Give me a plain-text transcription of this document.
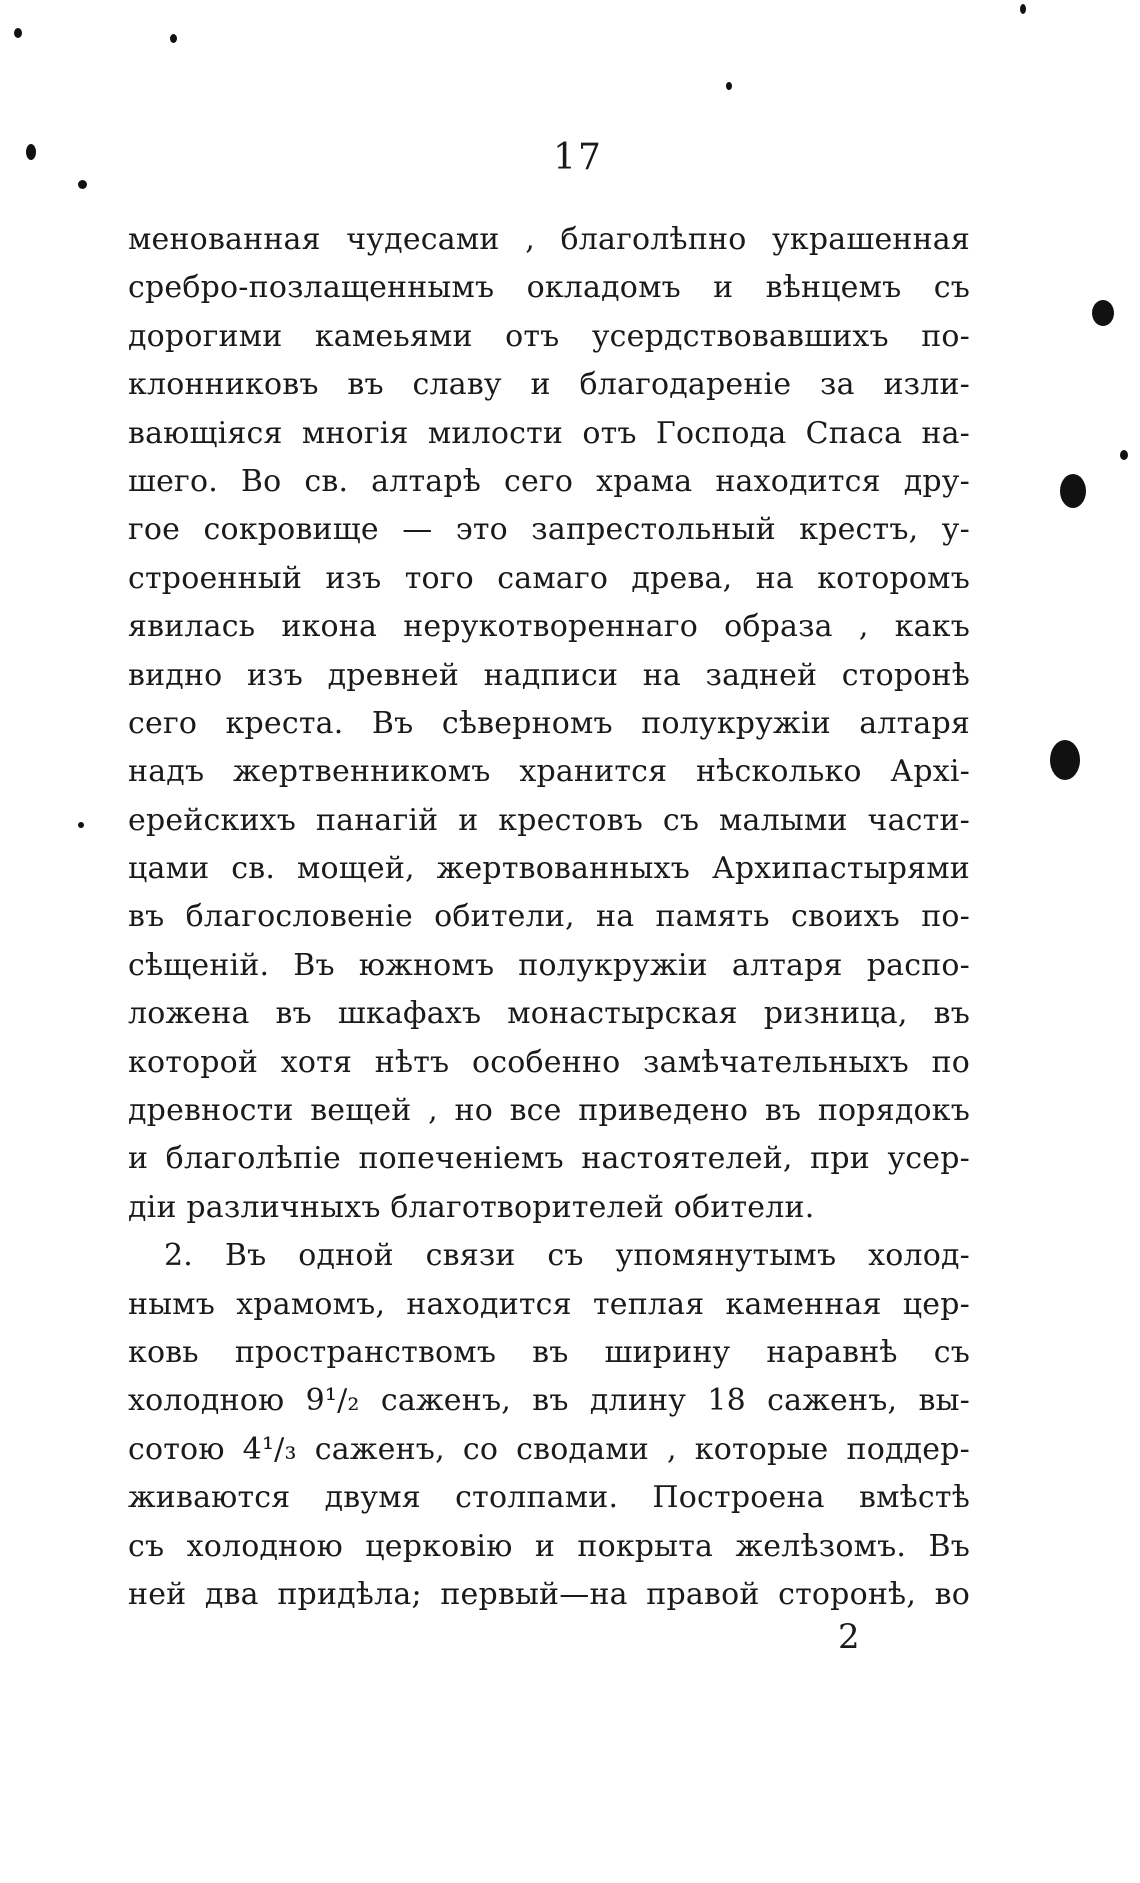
17
менованная чудесами , благолѣпно украшенная
сребро-позлащеннымъ окладомъ и вѣнцемъ съ
дорогими камеьями отъ усердствовавшихъ по-
клонниковъ въ славу и благодареніе за изли-
вающіяся многія милости отъ Господа Спаса на-
шего. Во св. алтарѣ сего храма находится дру-
гое сокровище — это запрестольный крестъ, у-
строенный изъ того самаго древа, на которомъ
явилась икона нерукотвореннаго образа , какъ
видно изъ древней надписи на задней сторонѣ
сего креста. Въ сѣверномъ полукружіи алтаря
надъ жертвенникомъ хранится нѣсколько Архі-
ерейскихъ панагій и крестовъ съ малыми части-
цами св. мощей, жертвованныхъ Архипастырями
въ благословеніе обители, на память своихъ по-
сѣщеній. Въ южномъ полукружіи алтаря распо-
ложена въ шкафахъ монастырская ризница, въ
которой хотя нѣтъ особенно замѣчательныхъ по
древности вещей , но все приведено въ порядокъ
и благолѣпіе попеченіемъ настоятелей, при усер-
діи различныхъ благотворителей обители.
2. Въ одной связи съ упомянутымъ холод-
нымъ храмомъ, находится теплая каменная цер-
ковь пространствомъ въ ширину наравнѣ съ
холодною 9¹/₂ саженъ, въ длину 18 саженъ, вы-
сотою 4¹/₃ саженъ, со сводами , которые поддер-
живаются двумя столпами. Построена вмѣстѣ
съ холодною церковію и покрыта желѣзомъ. Въ
ней два придѣла; первый—на правой сторонѣ, во
2
